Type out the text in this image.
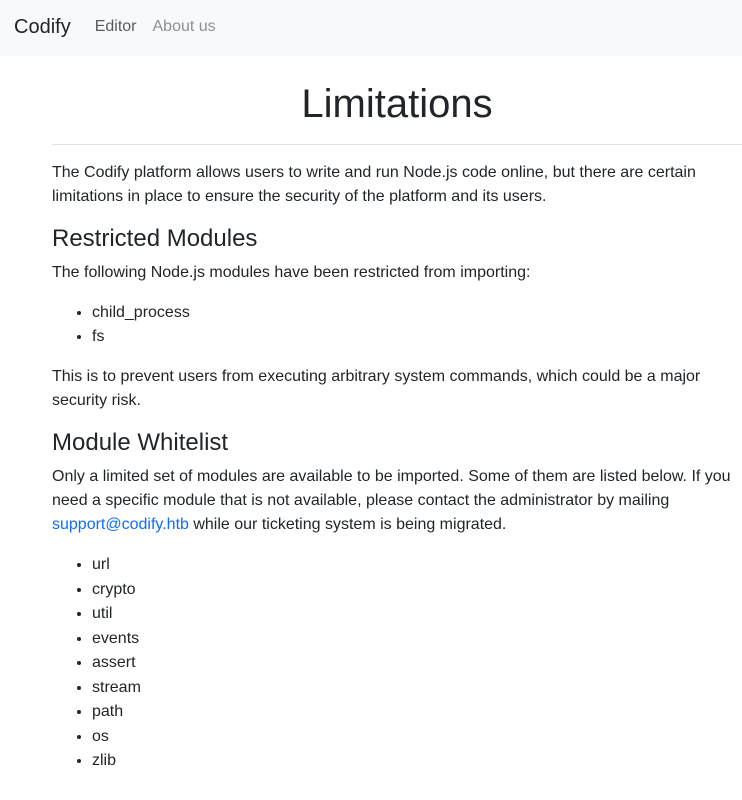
Codify Editor About us
Limitations

The Codify platform allows users to write and run Node.js code online, but there are certain limitations in place to ensure the security of the platform and its users.

Restricted Modules

The following Node.js modules have been restricted from importing:

• child_process
• fs

This is to prevent users from executing arbitrary system commands, which could be a major security risk.

Module Whitelist

Only a limited set of modules are available to be imported. Some of them are listed below. If you need a specific module that is not available, please contact the administrator by mailing support@codify.htb while our ticketing system is being migrated.

• url
• crypto
• util
• events
• assert
• stream
• path
• os
• zlib
